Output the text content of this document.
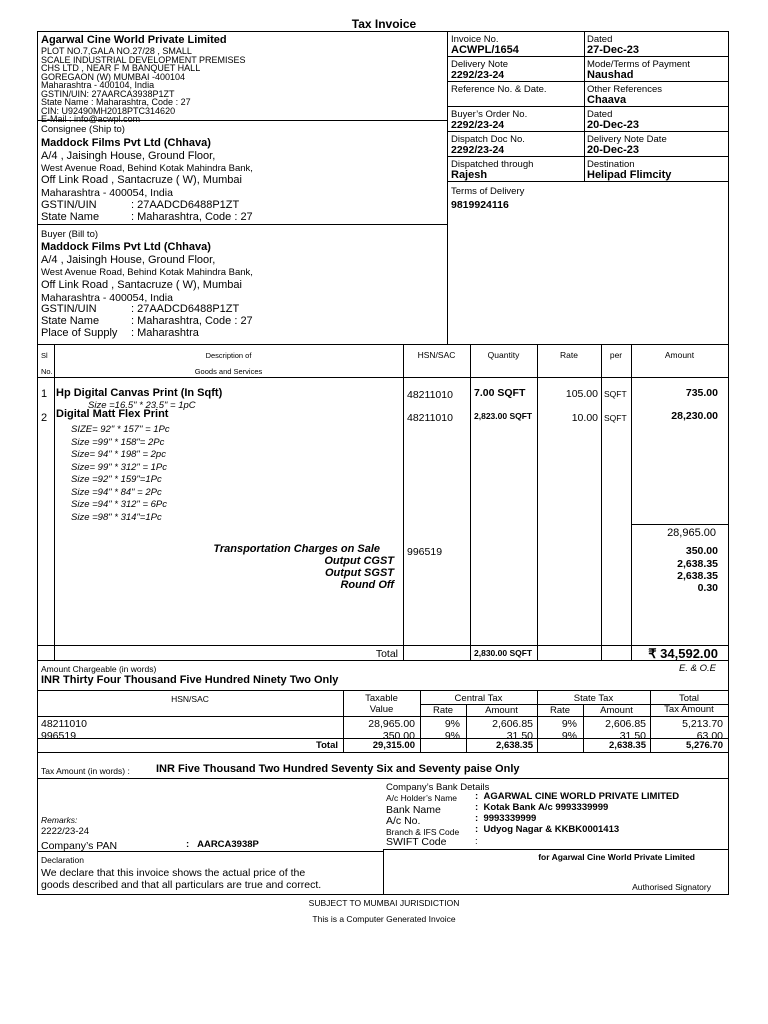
Tax Invoice
Agarwal Cine World Private Limited
PLOT NO.7,GALA NO.27/28 , SMALL
SCALE INDUSTRIAL DEVELOPMENT PREMISES
CHS LTD , NEAR F M BANQUET HALL
GOREGAON (W) MUMBAI -400104
Maharashtra - 400104, India
GSTIN/UIN: 27AARCA3938P1ZT
State Name : Maharashtra, Code : 27
CIN: U92490MH2018PTC314620
E-Mail : info@acwpl.com
Consignee (Ship to)
Maddock Films Pvt Ltd (Chhava)
A/4 , Jaisingh House, Ground Floor,
West Avenue Road, Behind Kotak Mahindra Bank,
Off Link Road , Santacruze ( W), Mumbai
Maharashtra - 400054, India
GSTIN/UIN	: 27AADCD6488P1ZT
State Name	: Maharashtra, Code : 27
Buyer (Bill to)
Maddock Films Pvt Ltd (Chhava)
A/4 , Jaisingh House, Ground Floor,
West Avenue Road, Behind Kotak Mahindra Bank,
Off Link Road , Santacruze ( W), Mumbai
Maharashtra - 400054, India
GSTIN/UIN	: 27AADCD6488P1ZT
State Name	: Maharashtra, Code : 27
Place of Supply : Maharashtra
Invoice No.
ACWPL/1654
Dated
27-Dec-23
Delivery Note
2292/23-24
Mode/Terms of Payment
Naushad
Reference No. & Date.	Other References
Chaava
Buyer’s Order No.
2292/23-24
Dated
20-Dec-23
Dispatch Doc No.
2292/23-24
Delivery Note Date
20-Dec-23
Dispatched through
Rajesh
Destination
Helipad Flimcity
Terms of Delivery
9819924116
Sl
No.
Description of
Goods and Services
HSN/SAC	Quantity	Rate	per	Amount
1 Hp Digital Canvas Print (In Sqft)
Size =16.5" * 23.5" = 1pC
48211010 7.00 SQFT	105.00 SQFT	735.00
2 Digital Matt Flex Print	48211010 2,823.00 SQFT	10.00 SQFT	28,230.00
SIZE= 92" * 157" = 1Pc
Size =99" * 158"= 2Pc
Size= 94" * 198" = 2pc
Size= 99" * 312" = 1Pc
Size =92" * 159"=1Pc
Size =94" * 84" = 2Pc
Size =94" * 312" = 6Pc
Size =98" * 314"=1Pc
28,965.00
Transportation Charges on Sale	996519	350.00
Output CGST	2,638.35
Output SGST	2,638.35
Round Off	0.30
Total	2,830.00 SQFT	₹ 34,592.00
Amount Chargeable (in words)	E. & O.E
INR Thirty Four Thousand Five Hundred Ninety Two Only
HSN/SAC	Taxable
Value
Central Tax
Rate	Amount
State Tax
Rate	Amount
Total
Tax Amount
48211010	28,965.00	9%	2,606.85	9%	2,606.85	5,213.70
996519	350.00	9%	31.50	9%	31.50	63.00
Total	29,315.00	2,638.35	2,638.35	5,276.70
Tax Amount (in words) : INR Five Thousand Two Hundred Seventy Six and Seventy paise Only
Company’s Bank Details
A/c Holder’s Name :  AGARWAL CINE WORLD PRIVATE LIMITED
Bank Name	:  Kotak Bank A/c 9993339999
A/c No.	:  9993339999
Branch & IFS Code :  Udyog Nagar & KKBK0001413
SWIFT Code	:
Remarks:
2222/23-24
Company’s PAN	:   AARCA3938P
Declaration
We declare that this invoice shows the actual price of the
goods described and that all particulars are true and correct.
for Agarwal Cine World Private Limited
Authorised Signatory
SUBJECT TO MUMBAI JURISDICTION
This is a Computer Generated Invoice
